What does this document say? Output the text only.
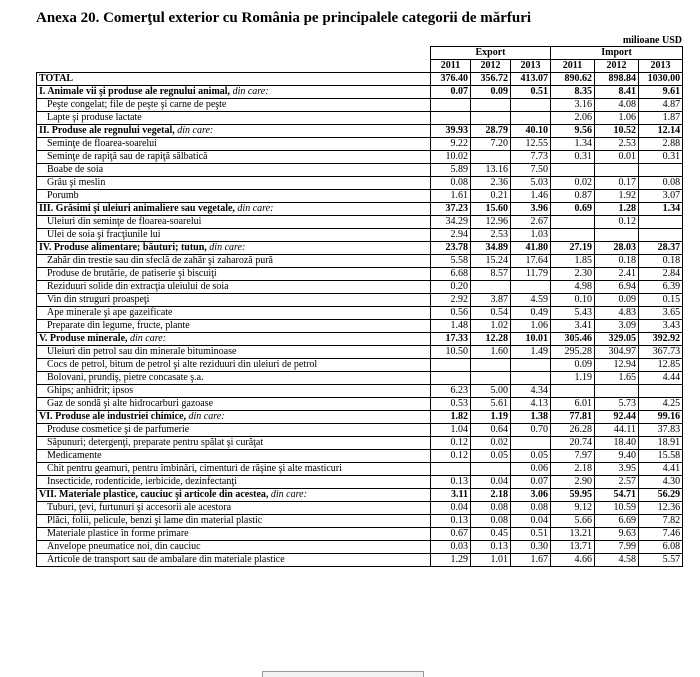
Anexa 20. Comerţul exterior cu România pe principalele categorii de mărfuri
milioane USD
	Export			Import		
	2011	2012	2013	2011	2012	2013
TOTAL	376.40	356.72	413.07	890.62	898.84	1030.00
I. Animale vii şi produse ale regnului animal, din care:	0.07	0.09	0.51	8.35	8.41	9.61
Peşte congelat; file de peşte şi carne de peşte				3.16	4.08	4.87
Lapte şi produse lactate				2.06	1.06	1.87
II. Produse ale regnului vegetal, din care:	39.93	28.79	40.10	9.56	10.52	12.14
Seminţe de floarea-soarelui	9.22	7.20	12.55	1.34	2.53	2.88
Seminţe de rapiţă sau de rapiţă sălbatică	10.02		7.73	0.31	0.01	0.31
Boabe de soia	5.89	13.16	7.50			
Grâu şi meslin	0.08	2.36	5.03	0.02	0.17	0.08
Porumb	1.61	0.21	1.46	0.87	1.92	3.07
III. Grăsimi şi uleiuri animaliere sau vegetale, din care:	37.23	15.60	3.96	0.69	1.28	1.34
Uleiuri din seminţe de floarea-soarelui	34.29	12.96	2.67		0.12	
Ulei de soia şi fracţiunile lui	2.94	2.53	1.03			
IV. Produse alimentare; băuturi; tutun, din care:	23.78	34.89	41.80	27.19	28.03	28.37
Zahăr din trestie sau din sfeclă de zahăr şi zaharoză pură	5.58	15.24	17.64	1.85	0.18	0.18
Produse de brutărie, de patiserie şi biscuiţi	6.68	8.57	11.79	2.30	2.41	2.84
Reziduuri solide din extracţia uleiului de soia	0.20			4.98	6.94	6.39
Vin din struguri proaspeţi	2.92	3.87	4.59	0.10	0.09	0.15
Ape minerale şi ape gazeificate	0.56	0.54	0.49	5.43	4.83	3.65
Preparate din legume, fructe, plante	1.48	1.02	1.06	3.41	3.09	3.43
V. Produse minerale, din care:	17.33	12.28	10.01	305.46	329.05	392.92
Uleiuri din petrol sau din minerale bituminoase	10.50	1.60	1.49	295.28	304.97	367.73
Cocs de petrol, bitum de petrol şi alte reziduuri din uleiuri de petrol				0.09	12.94	12.85
Bolovani, prundiş, pietre concasate ş.a.				1.19	1.65	4.44
Ghips; anhidrit; ipsos	6.23	5.00	4.34			
Gaz de sondă şi alte hidrocarburi gazoase	0.53	5.61	4.13	6.01	5.73	4.25
VI. Produse ale industriei chimice, din care:	1.82	1.19	1.38	77.81	92.44	99.16
Produse cosmetice şi de parfumerie	1.04	0.64	0.70	26.28	44.11	37.83
Săpunuri; detergenţi, preparate pentru spălat şi curăţat	0.12	0.02		20.74	18.40	18.91
Medicamente	0.12	0.05	0.05	7.97	9.40	15.58
Chit pentru geamuri, pentru îmbinări, cimenturi de răşine şi alte masticuri			0.06	2.18	3.95	4.41
Insecticide, rodenticide, ierbicide, dezinfectanţi	0.13	0.04	0.07	2.90	2.57	4.30
VII. Materiale plastice, cauciuc şi articole din acestea, din care:	3.11	2.18	3.06	59.95	54.71	56.29
Tuburi, ţevi, furtunuri şi accesorii ale acestora	0.04	0.08	0.08	9.12	10.59	12.36
Plăci, folii, pelicule, benzi şi lame din material plastic	0.13	0.08	0.04	5.66	6.69	7.82
Materiale plastice în forme primare	0.67	0.45	0.51	13.21	9.63	7.46
Anvelope pneumatice noi, din cauciuc	0.03	0.13	0.30	13.71	7.99	6.08
Articole de transport sau de ambalare din materiale plastice	1.29	1.01	1.67	4.66	4.58	5.57
